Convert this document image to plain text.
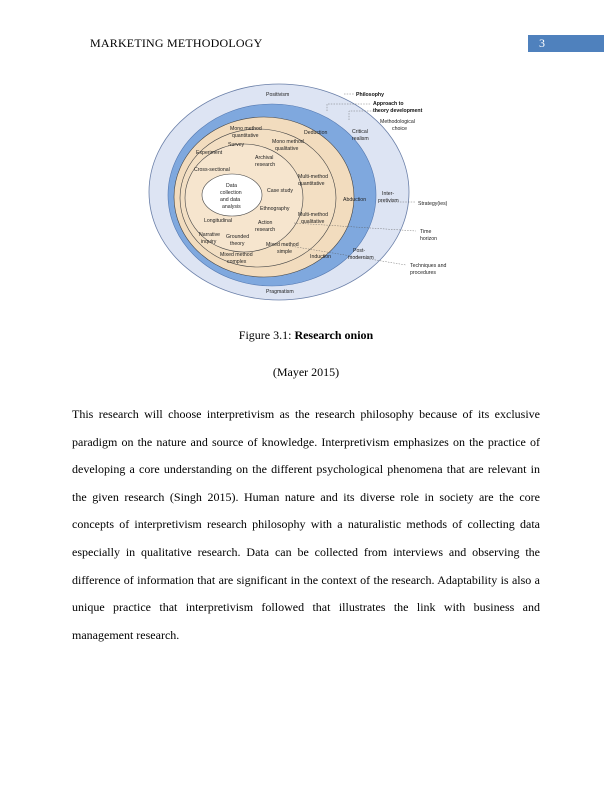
MARKETING METHODOLOGY	3
Positivism	Philosophy
Approach to
theory development
Methodological
choice
Critical
realism
Inter-
pretivism	Strategy(ies)
Time
horizon
Post-
modernism
Techniques and
procedures
Pragmatism
Deduction
Abduction
Induction
Mono method
quantitative
Mono method
qualitative
Multi-method
quantitative
Multi-method
qualitative
Mixed method
simple
Mixed method
complex
Survey
Experiment
Archival
research
Case study
Ethnography
Action
research
Narrative
inquiry
Grounded
theory
Cross-sectional
Longitudinal
Data
collection
and data
analysis
Figure 3.1: Research onion
(Mayer 2015)

This research will choose interpretivism as the research philosophy because of its exclusive paradigm on the nature and source of knowledge. Interpretivism emphasizes on the practice of developing a core understanding on the different psychological phenomena that are relevant in the given research (Singh 2015). Human nature and its diverse role in society are the core concepts of interpretivism research philosophy with a naturalistic methods of collecting data especially in qualitative research. Data can be collected from interviews and observing the difference of information that are significant in the context of the research. Adaptability is also a unique practice that interpretivism followed that illustrates the link with business and management research.
